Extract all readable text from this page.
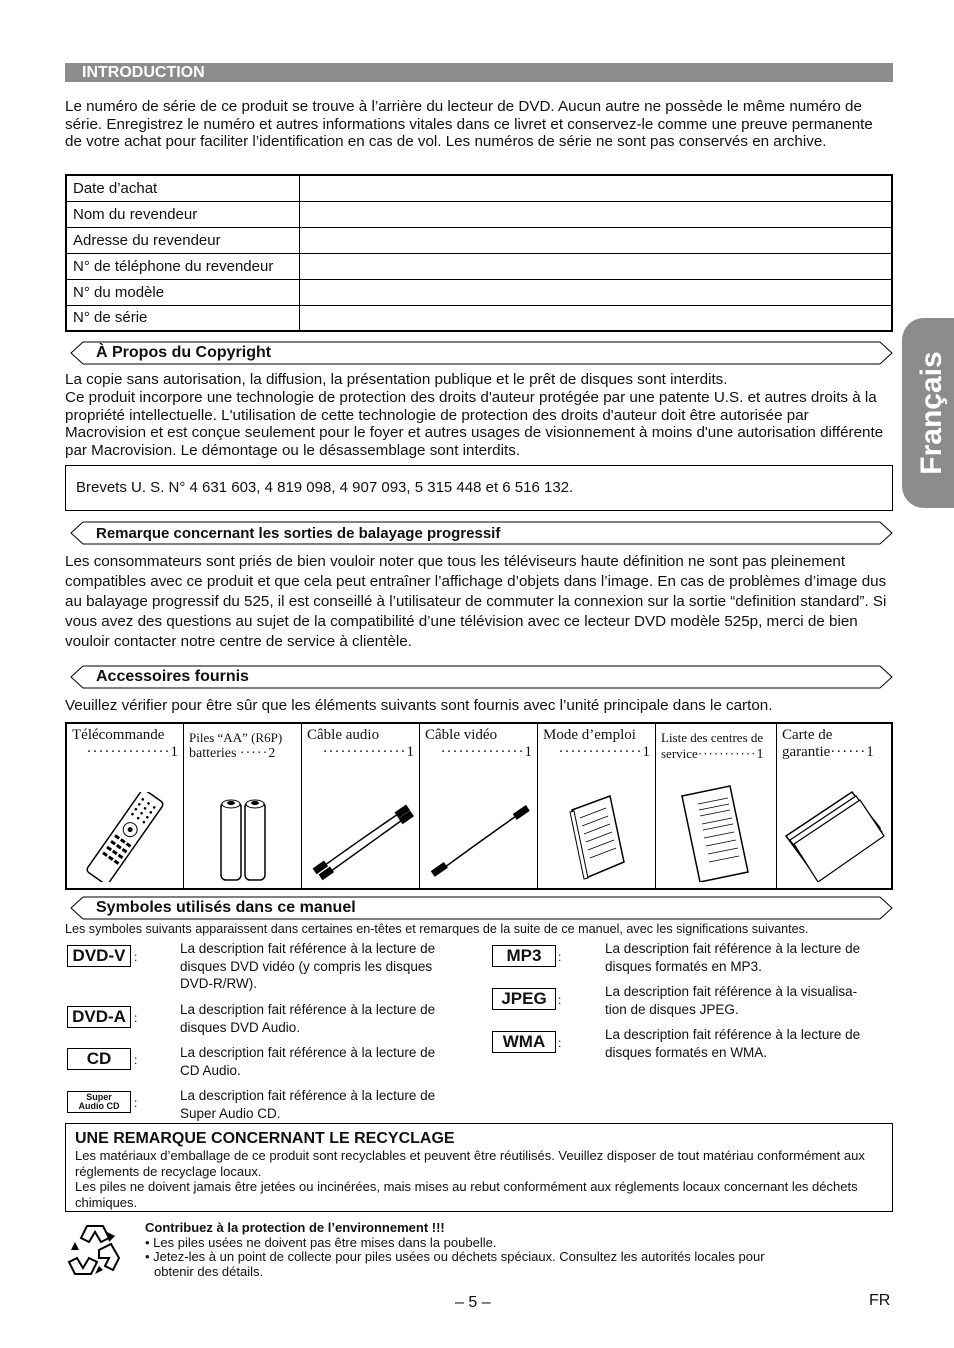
Français
INTRODUCTION
Le numéro de série de ce produit se trouve à l’arrière du lecteur de DVD. Aucun autre ne possède le même numéro de série. Enregistrez le numéro et autres informations vitales dans ce livret et conservez-le comme une preuve permanente de votre achat pour faciliter l’identification en cas de vol. Les numéros de série ne sont pas conservés en archive.
Date d’achat	
Nom du revendeur	
Adresse du revendeur	
N° de téléphone du revendeur	
N° du modèle	
N° de série	
À Propos du Copyright
La copie sans autorisation, la diffusion, la présentation publique et le prêt de disques sont interdits.
Ce produit incorpore une technologie de protection des droits d'auteur protégée par une patente U.S. et autres droits à la propriété intellectuelle. L'utilisation de cette technologie de protection des droits d'auteur doit être autorisée par Macrovision et est conçue seulement pour le foyer et autres usages de visionnement à moins d'une autorisation différente par Macrovision. Le démontage ou le désassemblage sont interdits.
Brevets U. S. N° 4 631 603, 4 819 098, 4 907 093, 5 315 448 et 6 516 132.
Remarque concernant les sorties de balayage progressif
Les consommateurs sont priés de bien vouloir noter que tous les téléviseurs haute définition ne sont pas pleinement compatibles avec ce produit et que cela peut entraîner l’affichage d’objets dans l’image. En cas de problèmes d’image dus au balayage progressif du 525, il est conseillé à l’utilisateur de commuter la connexion sur la sortie “definition standard”. Si vous avez des questions au sujet de la compatibilité d’une télévision avec ce lecteur DVD modèle 525p, merci de bien vouloir contacter notre centre de service à clientèle.
Accessoires fournis
Veuillez vérifier pour être sûr que les éléments suivants sont fournis avec l’unité principale dans le carton.
Télécommande
··············1
Piles “AA” (R6P)
batteries ·····2
Câble audio
··············1
Câble vidéo
··············1
Mode d’emploi
··············1
Liste des centres de
service···········1
Carte de
garantie······1
Symboles utilisés dans ce manuel
Les symboles suivants apparaissent dans certaines en-têtes et remarques de la suite de ce manuel, avec les significations suivantes.
DVD-V :
La description fait référence à la lecture de
disques DVD vidéo (y compris les disques
DVD-R/RW).
DVD-A :
La description fait référence à la lecture de
disques DVD Audio.
CD	:	La description fait référence à la lecture de
CD Audio.
Super
Audio CD	:	La description fait référence à la lecture de
Super Audio CD.
MP3	:
La description fait référence à la lecture de
disques formatés en MP3.
JPEG :
La description fait référence à la visualisa-
tion de disques JPEG.
WMA	:
La description fait référence à la lecture de
disques formatés en WMA.
UNE REMARQUE CONCERNANT LE RECYCLAGE
Les matériaux d’emballage de ce produit sont recyclables et peuvent être réutilisés. Veuillez disposer de tout matériau conformément aux réglements de recyclage locaux.
Les piles ne doivent jamais être jetées ou incinérées, mais mises au rebut conformément aux réglements locaux concernant les déchets chimiques.
Contribuez à la protection de l’environnement !!!
• Les piles usées ne doivent pas être mises dans la poubelle.
• Jetez-les à un point de collecte pour piles usées ou déchets spéciaux. Consultez les autorités locales pour
obtenir des détails.
– 5 –	FR
